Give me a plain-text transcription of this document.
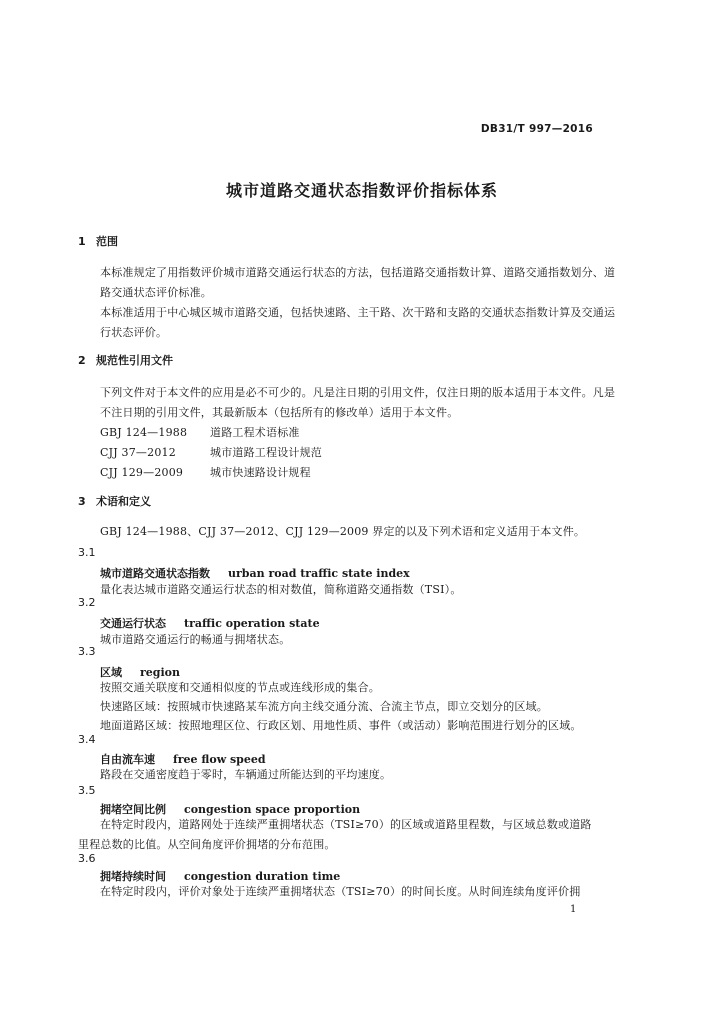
DB31/T 997—2016
城市道路交通状态指数评价指标体系
1 范围
本标准规定了用指数评价城市道路交通运行状态的方法，包括道路交通指数计算、道路交通指数划分、道路交通状态评价标准。
本标准适用于中心城区城市道路交通，包括快速路、主干路、次干路和支路的交通状态指数计算及交通运行状态评价。
2 规范性引用文件
下列文件对于本文件的应用是必不可少的。凡是注日期的引用文件，仅注日期的版本适用于本文件。凡是不注日期的引用文件，其最新版本（包括所有的修改单）适用于本文件。
GBJ 124—1988 道路工程术语标准
CJJ 37—2012	城市道路工程设计规范
CJJ 129—2009 城市快速路设计规程
3 术语和定义
GBJ 124—1988、CJJ 37—2012、CJJ 129—2009 界定的以及下列术语和定义适用于本文件。
3.1
城市道路交通状态指数 urban road traffic state index
量化表达城市道路交通运行状态的相对数值，简称道路交通指数（TSI）。
3.2
交通运行状态 traffic operation state
城市道路交通运行的畅通与拥堵状态。
3.3
区域 region
按照交通关联度和交通相似度的节点或连线形成的集合。
快速路区域：按照城市快速路某车流方向主线交通分流、合流主节点，即立交划分的区域。
地面道路区域：按照地理区位、行政区划、用地性质、事件（或活动）影响范围进行划分的区域。
3.4
自由流车速 free flow speed
路段在交通密度趋于零时，车辆通过所能达到的平均速度。
3.5
拥堵空间比例 congestion space proportion
在特定时段内，道路网处于连续严重拥堵状态（TSI≥70）的区域或道路里程数，与区域总数或道路里程总数的比值。从空间角度评价拥堵的分布范围。
3.6
拥堵持续时间 congestion duration time
在特定时段内，评价对象处于连续严重拥堵状态（TSI≥70）的时间长度。从时间连续角度评价拥
1
